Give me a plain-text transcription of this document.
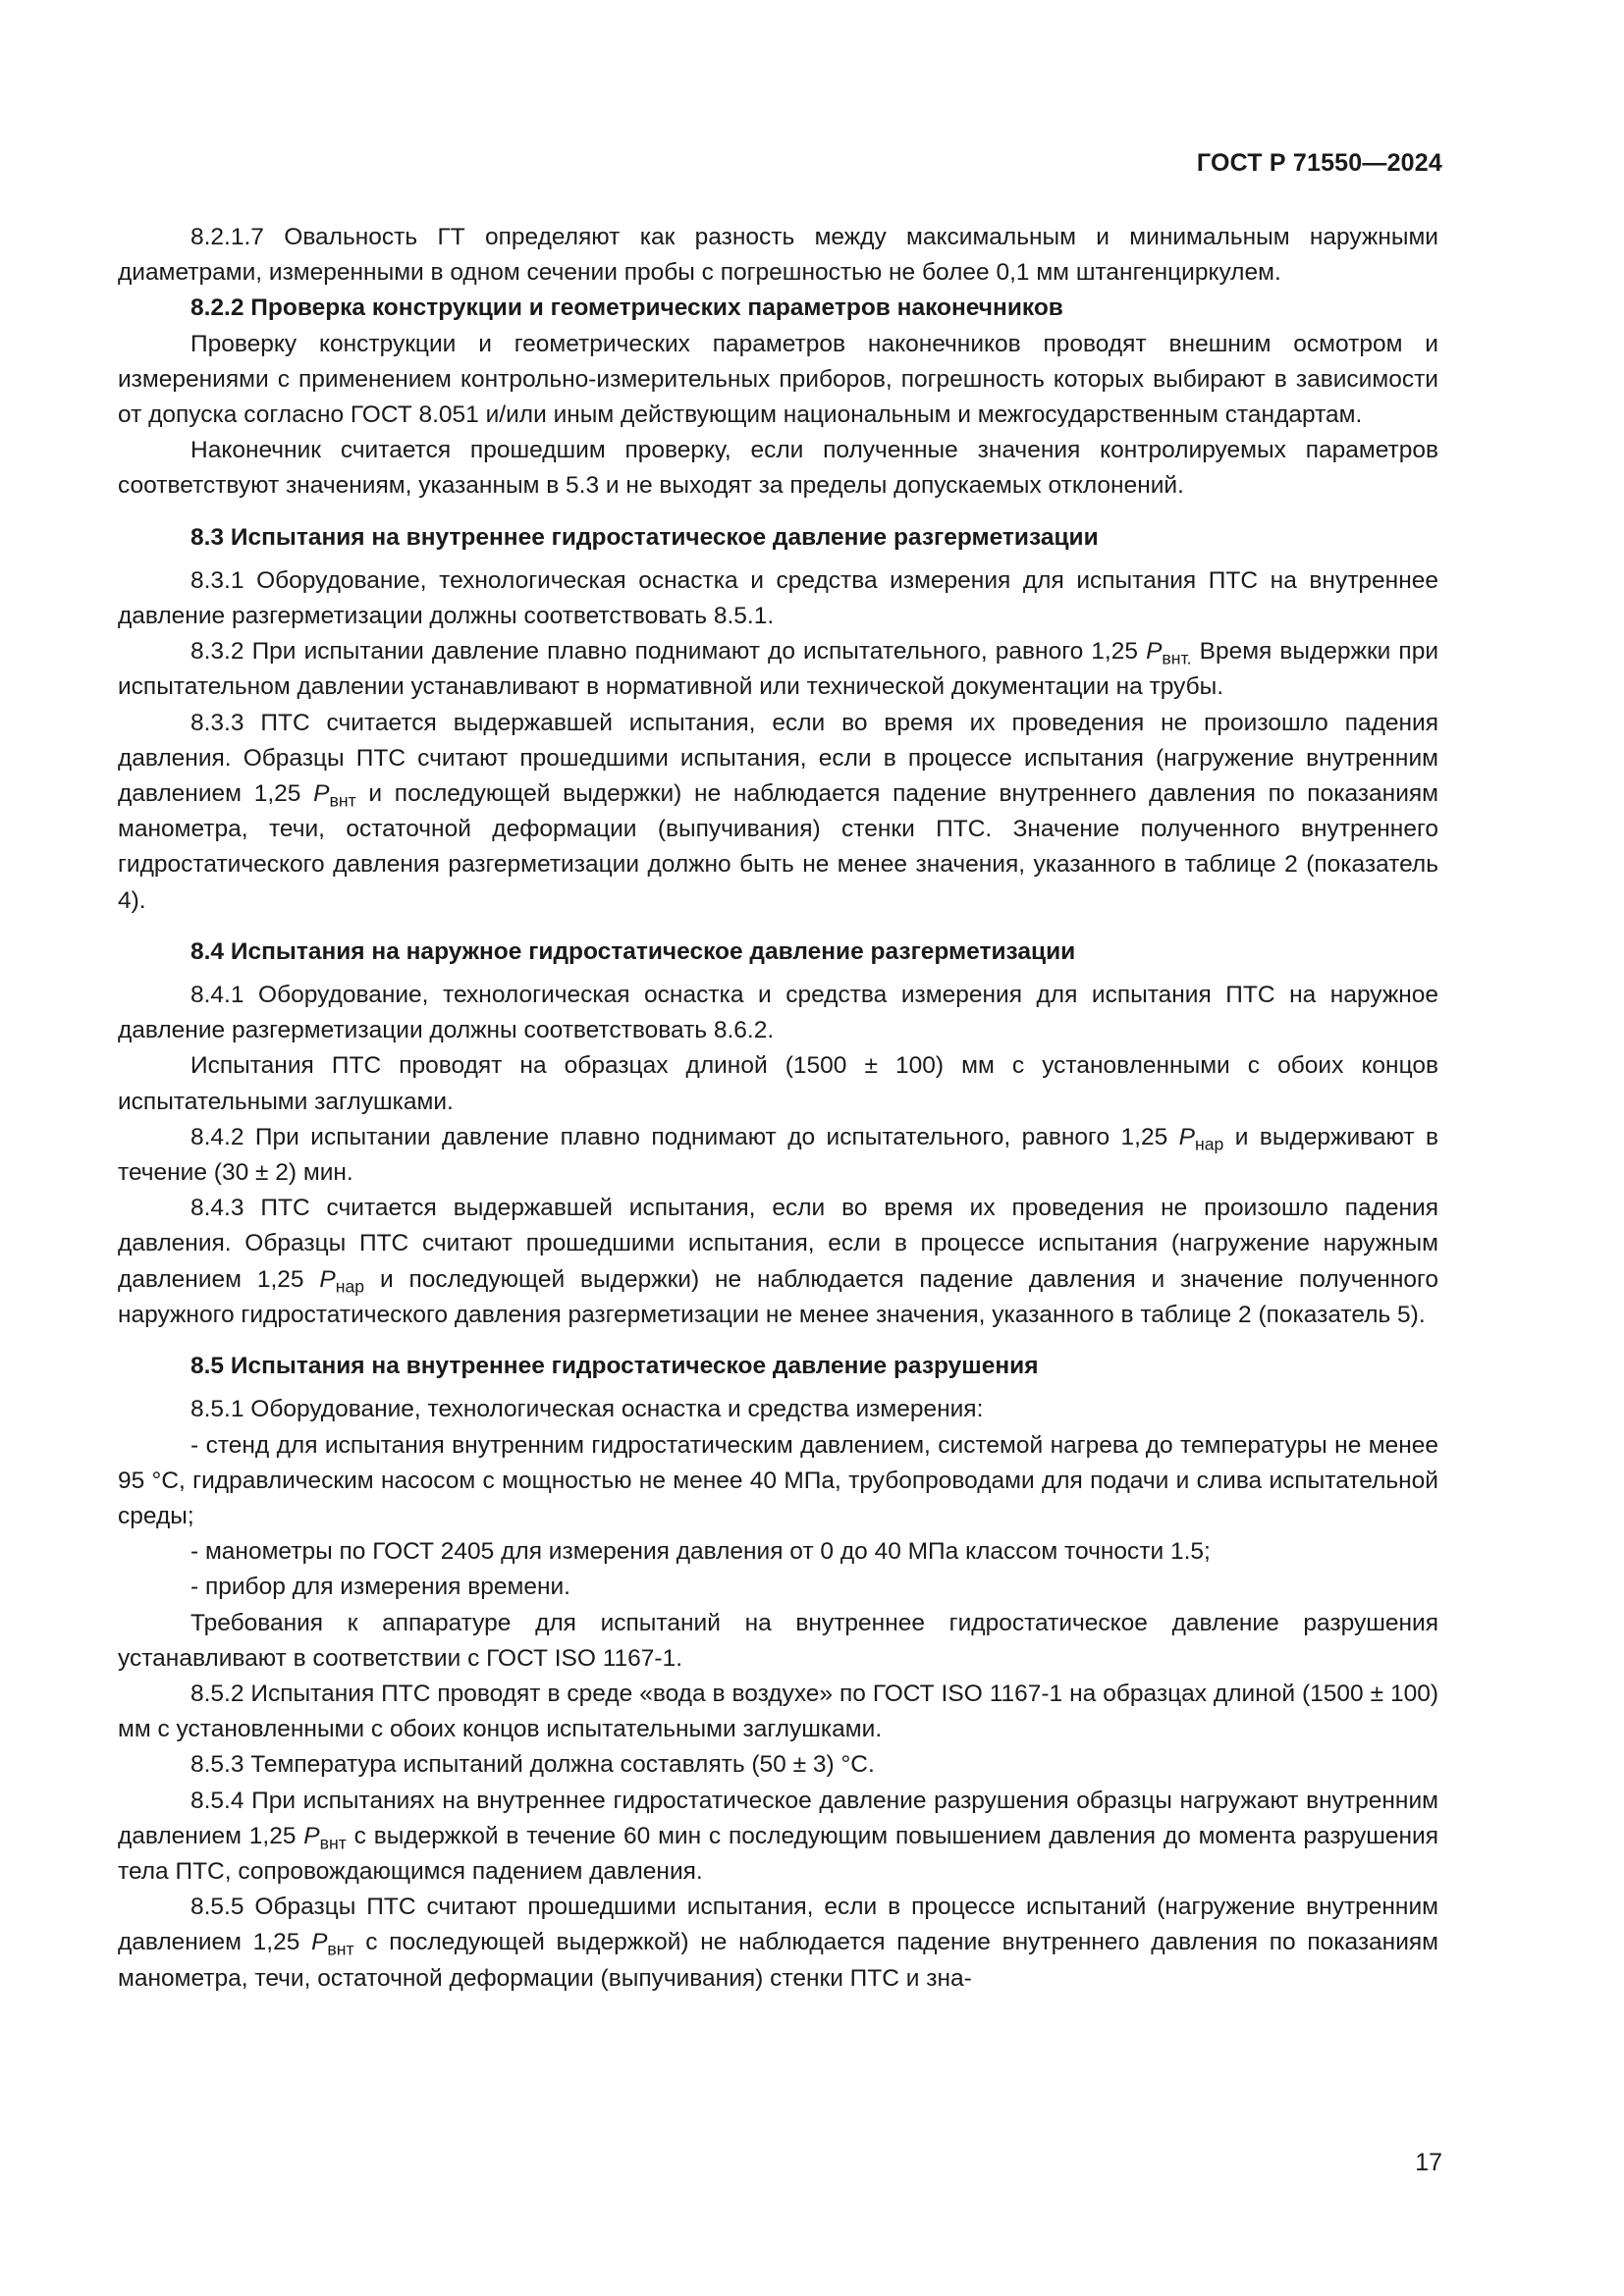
ГОСТ Р 71550—2024

8.2.1.7 Овальность ГТ определяют как разность между максимальным и минимальным наружными диаметрами, измеренными в одном сечении пробы с погрешностью не более 0,1 мм штангенциркулем.

8.2.2 Проверка конструкции и геометрических параметров наконечников

Проверку конструкции и геометрических параметров наконечников проводят внешним осмотром и измерениями с применением контрольно-измерительных приборов, погрешность которых выбирают в зависимости от допуска согласно ГОСТ 8.051 и/или иным действующим национальным и межгосударственным стандартам.

Наконечник считается прошедшим проверку, если полученные значения контролируемых параметров соответствуют значениям, указанным в 5.3 и не выходят за пределы допускаемых отклонений.

8.3 Испытания на внутреннее гидростатическое давление разгерметизации

8.3.1 Оборудование, технологическая оснастка и средства измерения для испытания ПТС на внутреннее давление разгерметизации должны соответствовать 8.5.1.

8.3.2 При испытании давление плавно поднимают до испытательного, равного 1,25 $P_{внт.}$ Время выдержки при испытательном давлении устанавливают в нормативной или технической документации на трубы.

8.3.3 ПТС считается выдержавшей испытания, если во время их проведения не произошло падения давления. Образцы ПТС считают прошедшими испытания, если в процессе испытания (нагружение внутренним давлением 1,25 $P_{внт}$ и последующей выдержки) не наблюдается падение внутреннего давления по показаниям манометра, течи, остаточной деформации (выпучивания) стенки ПТС. Значение полученного внутреннего гидростатического давления разгерметизации должно быть не менее значения, указанного в таблице 2 (показатель 4).

8.4 Испытания на наружное гидростатическое давление разгерметизации

8.4.1 Оборудование, технологическая оснастка и средства измерения для испытания ПТС на наружное давление разгерметизации должны соответствовать 8.6.2.

Испытания ПТС проводят на образцах длиной (1500 ± 100) мм с установленными с обоих концов испытательными заглушками.

8.4.2 При испытании давление плавно поднимают до испытательного, равного 1,25 $P_{нар}$ и выдерживают в течение (30 ± 2) мин.

8.4.3 ПТС считается выдержавшей испытания, если во время их проведения не произошло падения давления. Образцы ПТС считают прошедшими испытания, если в процессе испытания (нагружение наружным давлением 1,25 $P_{нар}$ и последующей выдержки) не наблюдается падение давления и значение полученного наружного гидростатического давления разгерметизации не менее значения, указанного в таблице 2 (показатель 5).

8.5 Испытания на внутреннее гидростатическое давление разрушения

8.5.1 Оборудование, технологическая оснастка и средства измерения:

- стенд для испытания внутренним гидростатическим давлением, системой нагрева до температуры не менее 95 °С, гидравлическим насосом с мощностью не менее 40 МПа, трубопроводами для подачи и слива испытательной среды;

- манометры по ГОСТ 2405 для измерения давления от 0 до 40 МПа классом точности 1.5;

- прибор для измерения времени.

Требования к аппаратуре для испытаний на внутреннее гидростатическое давление разрушения устанавливают в соответствии с ГОСТ ISO 1167-1.

8.5.2 Испытания ПТС проводят в среде «вода в воздухе» по ГОСТ ISO 1167-1 на образцах длиной (1500 ± 100) мм с установленными с обоих концов испытательными заглушками.

8.5.3 Температура испытаний должна составлять (50 ± 3) °С.

8.5.4 При испытаниях на внутреннее гидростатическое давление разрушения образцы нагружают внутренним давлением 1,25 $P_{внт}$ с выдержкой в течение 60 мин с последующим повышением давления до момента разрушения тела ПТС, сопровождающимся падением давления.

8.5.5 Образцы ПТС считают прошедшими испытания, если в процессе испытаний (нагружение внутренним давлением 1,25 $P_{внт}$ с последующей выдержкой) не наблюдается падение внутреннего давления по показаниям манометра, течи, остаточной деформации (выпучивания) стенки ПТС и зна-

17
